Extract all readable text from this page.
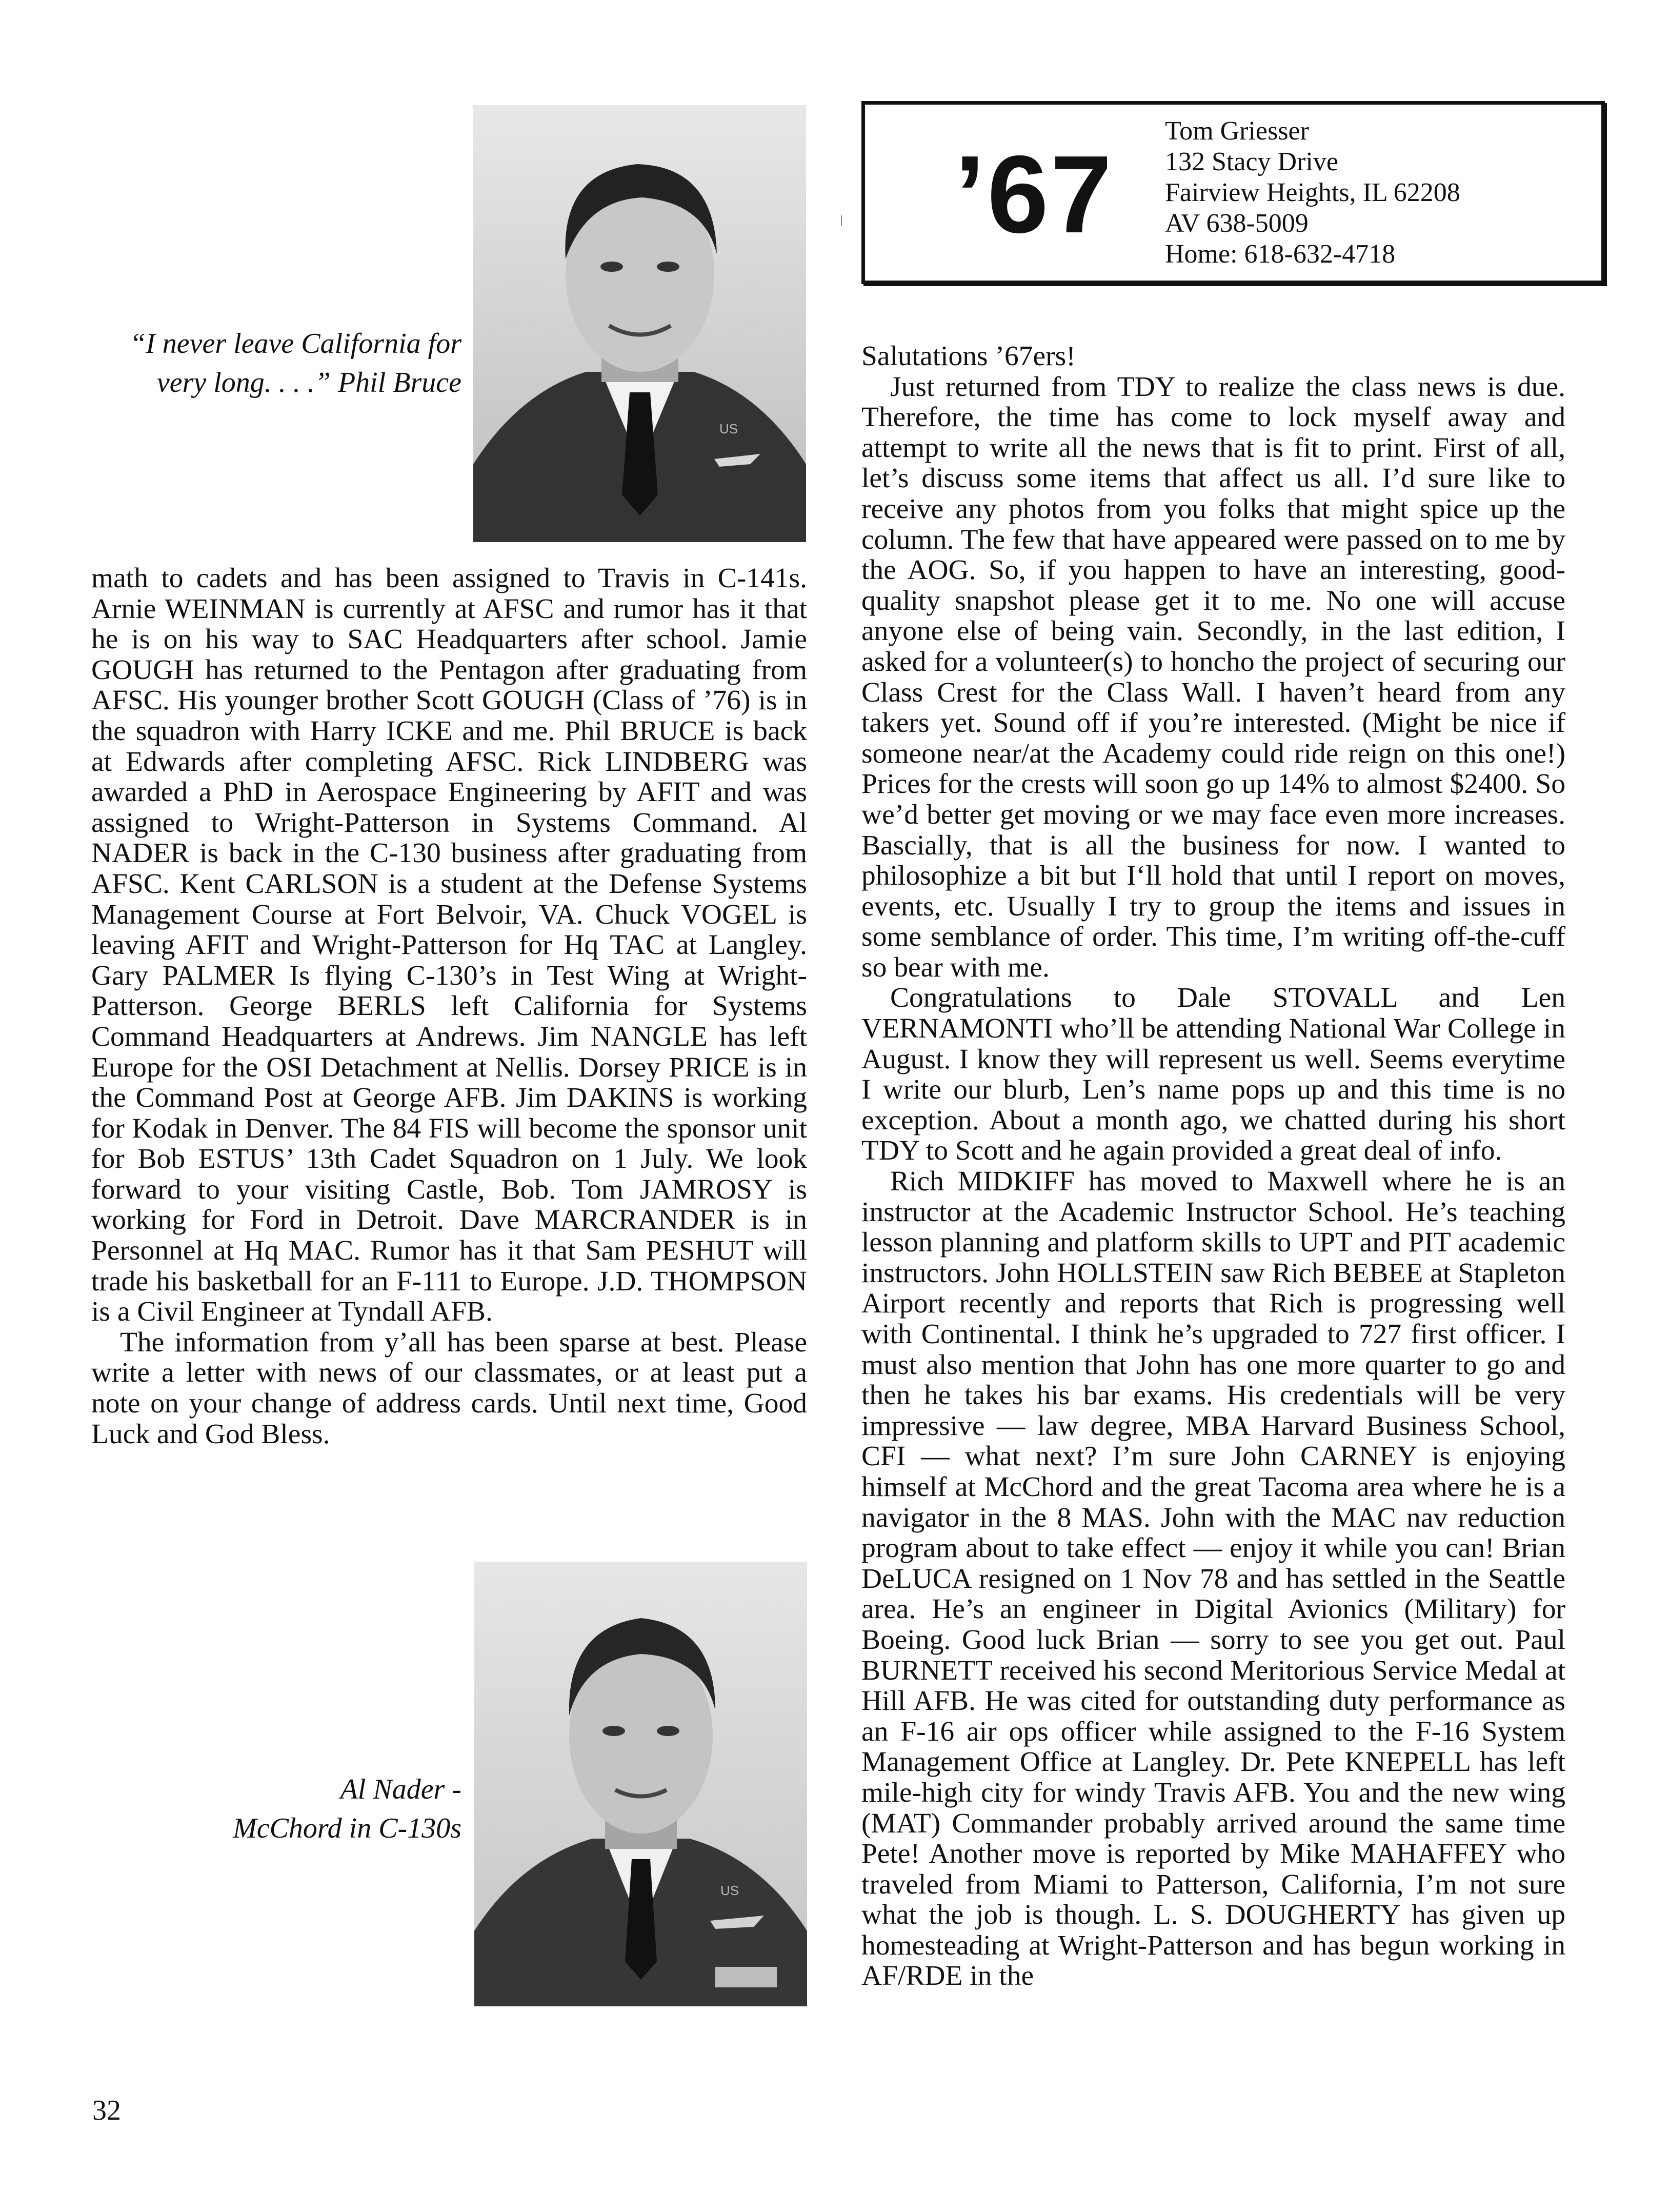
US
“I never leave California for very long. . . .” Phil Bruce
US
Al Nader -
McChord in C-130s

math to cadets and has been assigned to Travis in C-141s. Arnie WEINMAN is currently at AFSC and rumor has it that he is on his way to SAC Headquarters after school. Jamie GOUGH has returned to the Pentagon after graduating from AFSC. His younger brother Scott GOUGH (Class of ’76) is in the squadron with Harry ICKE and me. Phil BRUCE is back at Edwards after completing AFSC. Rick LINDBERG was awarded a PhD in Aerospace Engineering by AFIT and was assigned to Wright-Patterson in Systems Command. Al NADER is back in the C-130 business after graduating from AFSC. Kent CARLSON is a student at the Defense Systems Management Course at Fort Belvoir, VA. Chuck VOGEL is leaving AFIT and Wright-Patterson for Hq TAC at Langley. Gary PALMER Is flying C-130’s in Test Wing at Wright-Patterson. George BERLS left California for Systems Command Headquarters at Andrews. Jim NANGLE has left Europe for the OSI Detachment at Nellis. Dorsey PRICE is in the Command Post at George AFB. Jim DAKINS is working for Kodak in Denver. The 84 FIS will become the sponsor unit for Bob ESTUS’ 13th Cadet Squadron on 1 July. We look forward to your visiting Castle, Bob. Tom JAMROSY is working for Ford in Detroit. Dave MARCRANDER is in Personnel at Hq MAC. Rumor has it that Sam PESHUT will trade his basketball for an F-111 to Europe. J.D. THOMPSON is a Civil Engineer at Tyndall AFB.

The information from y’all has been sparse at best. Please write a letter with news of our classmates, or at least put a note on your change of address cards. Until next time, Good Luck and God Bless.

’67
Tom Griesser
132 Stacy Drive
Fairview Heights, IL 62208
AV 638-5009
Home: 618-632-4718

Salutations ’67ers!

Just returned from TDY to realize the class news is due. Therefore, the time has come to lock myself away and attempt to write all the news that is fit to print. First of all, let’s discuss some items that affect us all. I’d sure like to receive any photos from you folks that might spice up the column. The few that have appeared were passed on to me by the AOG. So, if you happen to have an interesting, good-quality snapshot please get it to me. No one will accuse anyone else of being vain. Secondly, in the last edition, I asked for a volunteer(s) to honcho the project of securing our Class Crest for the Class Wall. I haven’t heard from any takers yet. Sound off if you’re interested. (Might be nice if someone near/at the Academy could ride reign on this one!) Prices for the crests will soon go up 14% to almost $2400. So we’d better get moving or we may face even more increases. Bascially, that is all the business for now. I wanted to philosophize a bit but I‘ll hold that until I report on moves, events, etc. Usually I try to group the items and issues in some semblance of order. This time, I’m writing off-the-cuff so bear with me.

Congratulations to Dale STOVALL and Len VERNAMONTI who’ll be attending National War College in August. I know they will represent us well. Seems everytime I write our blurb, Len’s name pops up and this time is no exception. About a month ago, we chatted during his short TDY to Scott and he again provided a great deal of info.

Rich MIDKIFF has moved to Maxwell where he is an instructor at the Academic Instructor School. He’s teaching lesson planning and platform skills to UPT and PIT academic instructors. John HOLLSTEIN saw Rich BEBEE at Stapleton Airport recently and reports that Rich is progressing well with Continental. I think he’s upgraded to 727 first officer. I must also mention that John has one more quarter to go and then he takes his bar exams. His credentials will be very impressive — law degree, MBA Harvard Business School, CFI — what next? I’m sure John CARNEY is enjoying himself at McChord and the great Tacoma area where he is a navigator in the 8 MAS. John with the MAC nav reduction program about to take effect — enjoy it while you can! Brian DeLUCA resigned on 1 Nov 78 and has settled in the Seattle area. He’s an engineer in Digital Avionics (Military) for Boeing. Good luck Brian — sorry to see you get out. Paul BURNETT received his second Meritorious Service Medal at Hill AFB. He was cited for outstanding duty performance as an F-16 air ops officer while assigned to the F-16 System Management Office at Langley. Dr. Pete KNEPELL has left mile-high city for windy Travis AFB. You and the new wing (MAT) Commander probably arrived around the same time Pete! Another move is reported by Mike MAHAFFEY who traveled from Miami to Patterson, California, I’m not sure what the job is though. L. S. DOUGHERTY has given up homesteading at Wright-Patterson and has begun working in AF/RDE in the

32
